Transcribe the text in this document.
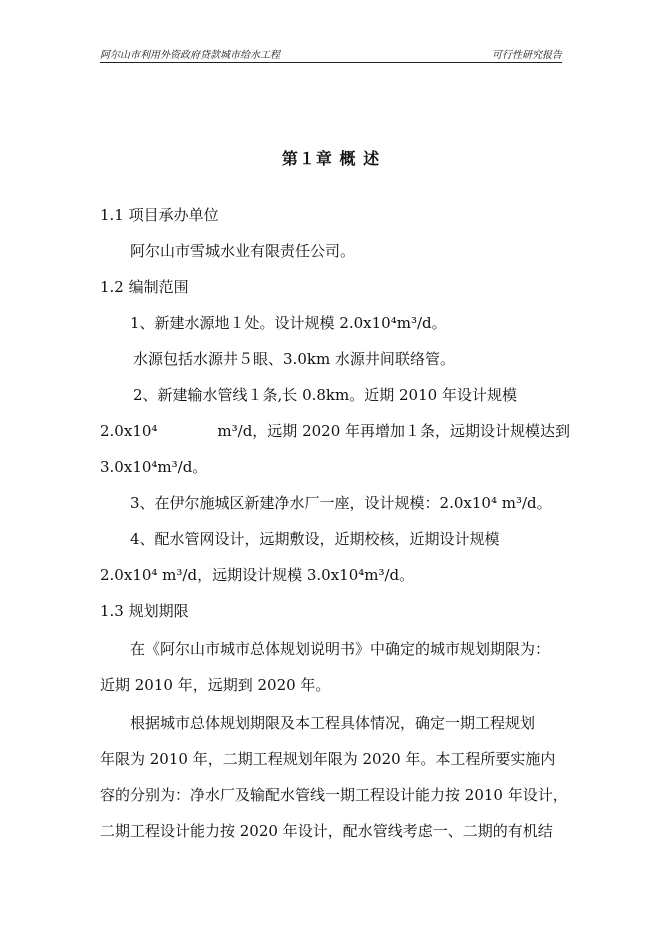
阿尔山市利用外资政府贷款城市给水工程	可行性研究报告
第１章 概 述
1.1 项目承办单位
阿尔山市雪城水业有限责任公司。
1.2 编制范围
1、新建水源地１处。设计规模 2.0x10⁴m³/d。
水源包括水源井５眼、3.0km 水源井间联络管。
2、新建输水管线１条,长 0.8km。近期 2010 年设计规模
2.0x10⁴　　　　m³/d，远期 2020 年再增加１条，远期设计规模达到
3.0x10⁴m³/d。
3、在伊尔施城区新建净水厂一座，设计规模：2.0x10⁴ m³/d。
4、配水管网设计，远期敷设，近期校核，近期设计规模
2.0x10⁴ m³/d，远期设计规模 3.0x10⁴m³/d。
1.3 规划期限
在《阿尔山市城市总体规划说明书》中确定的城市规划期限为：
近期 2010 年，远期到 2020 年。
根据城市总体规划期限及本工程具体情况，确定一期工程规划
年限为 2010 年，二期工程规划年限为 2020 年。本工程所要实施内
容的分别为：净水厂及输配水管线一期工程设计能力按 2010 年设计，
二期工程设计能力按 2020 年设计，配水管线考虑一、二期的有机结
